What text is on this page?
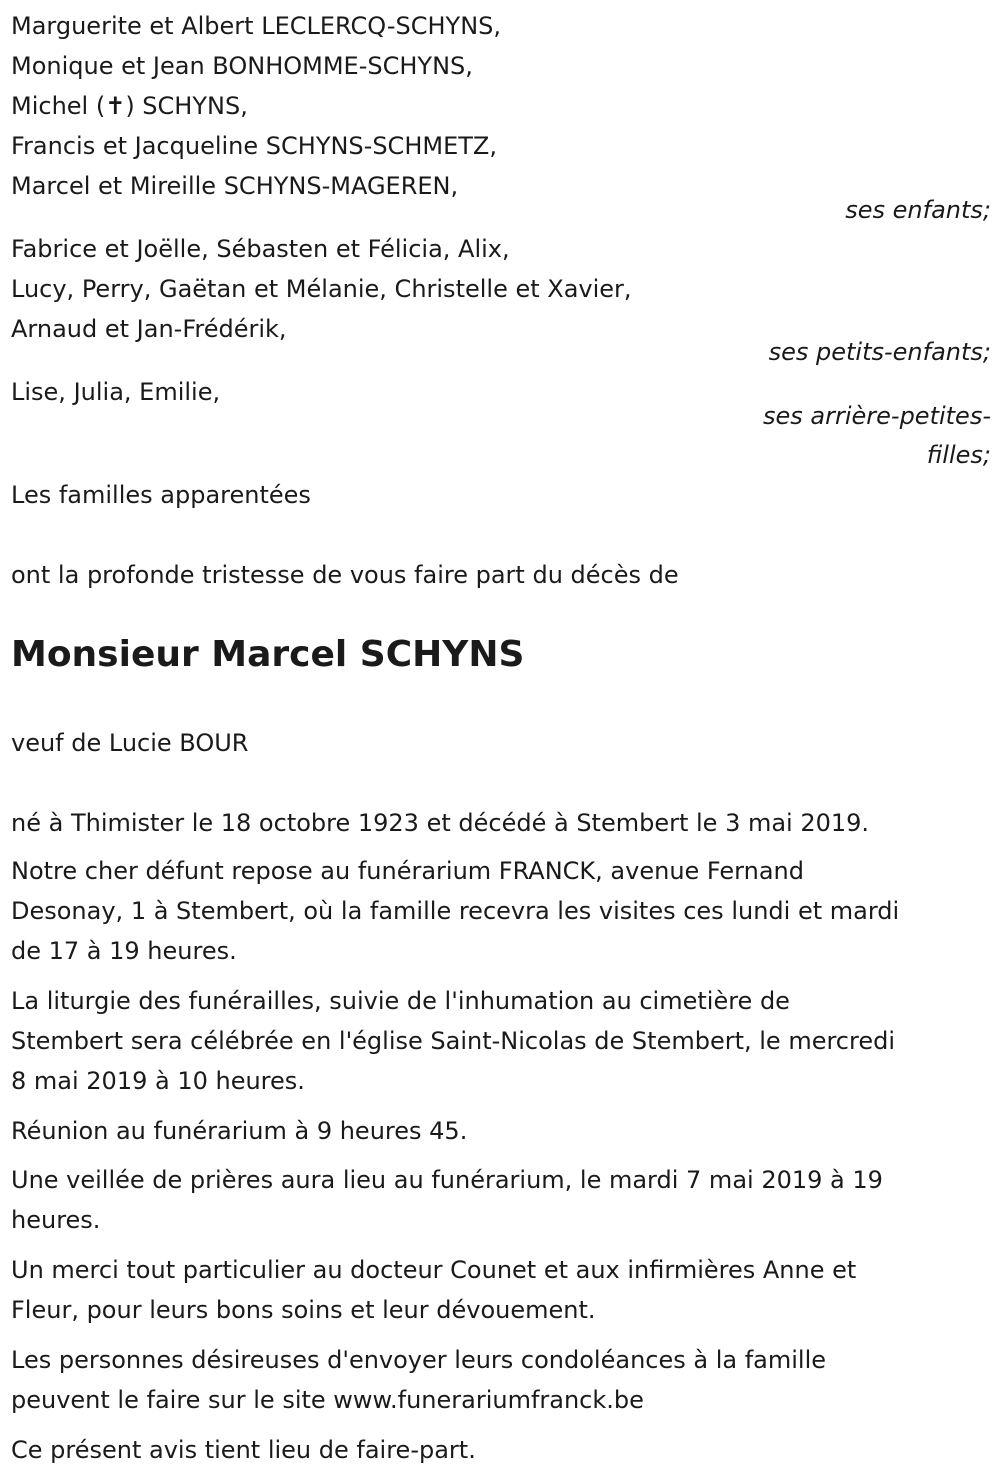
Marguerite et Albert LECLERCQ-SCHYNS,
Monique et Jean BONHOMME-SCHYNS,
Michel (✝) SCHYNS,
Francis et Jacqueline SCHYNS-SCHMETZ,
Marcel et Mireille SCHYNS-MAGEREN,
ses enfants;
Fabrice et Joëlle, Sébasten et Félicia, Alix,
Lucy, Perry, Gaëtan et Mélanie, Christelle et Xavier,
Arnaud et Jan-Frédérik,
ses petits-enfants;
Lise, Julia, Emilie,
ses arrière-petites-
filles;
Les familles apparentées
ont la profonde tristesse de vous faire part du décès de
Monsieur Marcel SCHYNS
veuf de Lucie BOUR
né à Thimister le 18 octobre 1923 et décédé à Stembert le 3 mai 2019.
Notre cher défunt repose au funérarium FRANCK, avenue Fernand
Desonay, 1 à Stembert, où la famille recevra les visites ces lundi et mardi
de 17 à 19 heures.
La liturgie des funérailles, suivie de l'inhumation au cimetière de
Stembert sera célébrée en l'église Saint-Nicolas de Stembert, le mercredi
8 mai 2019 à 10 heures.
Réunion au funérarium à 9 heures 45.
Une veillée de prières aura lieu au funérarium, le mardi 7 mai 2019 à 19
heures.
Un merci tout particulier au docteur Counet et aux infirmières Anne et
Fleur, pour leurs bons soins et leur dévouement.
Les personnes désireuses d'envoyer leurs condoléances à la famille
peuvent le faire sur le site www.funerariumfranck.be
Ce présent avis tient lieu de faire-part.
